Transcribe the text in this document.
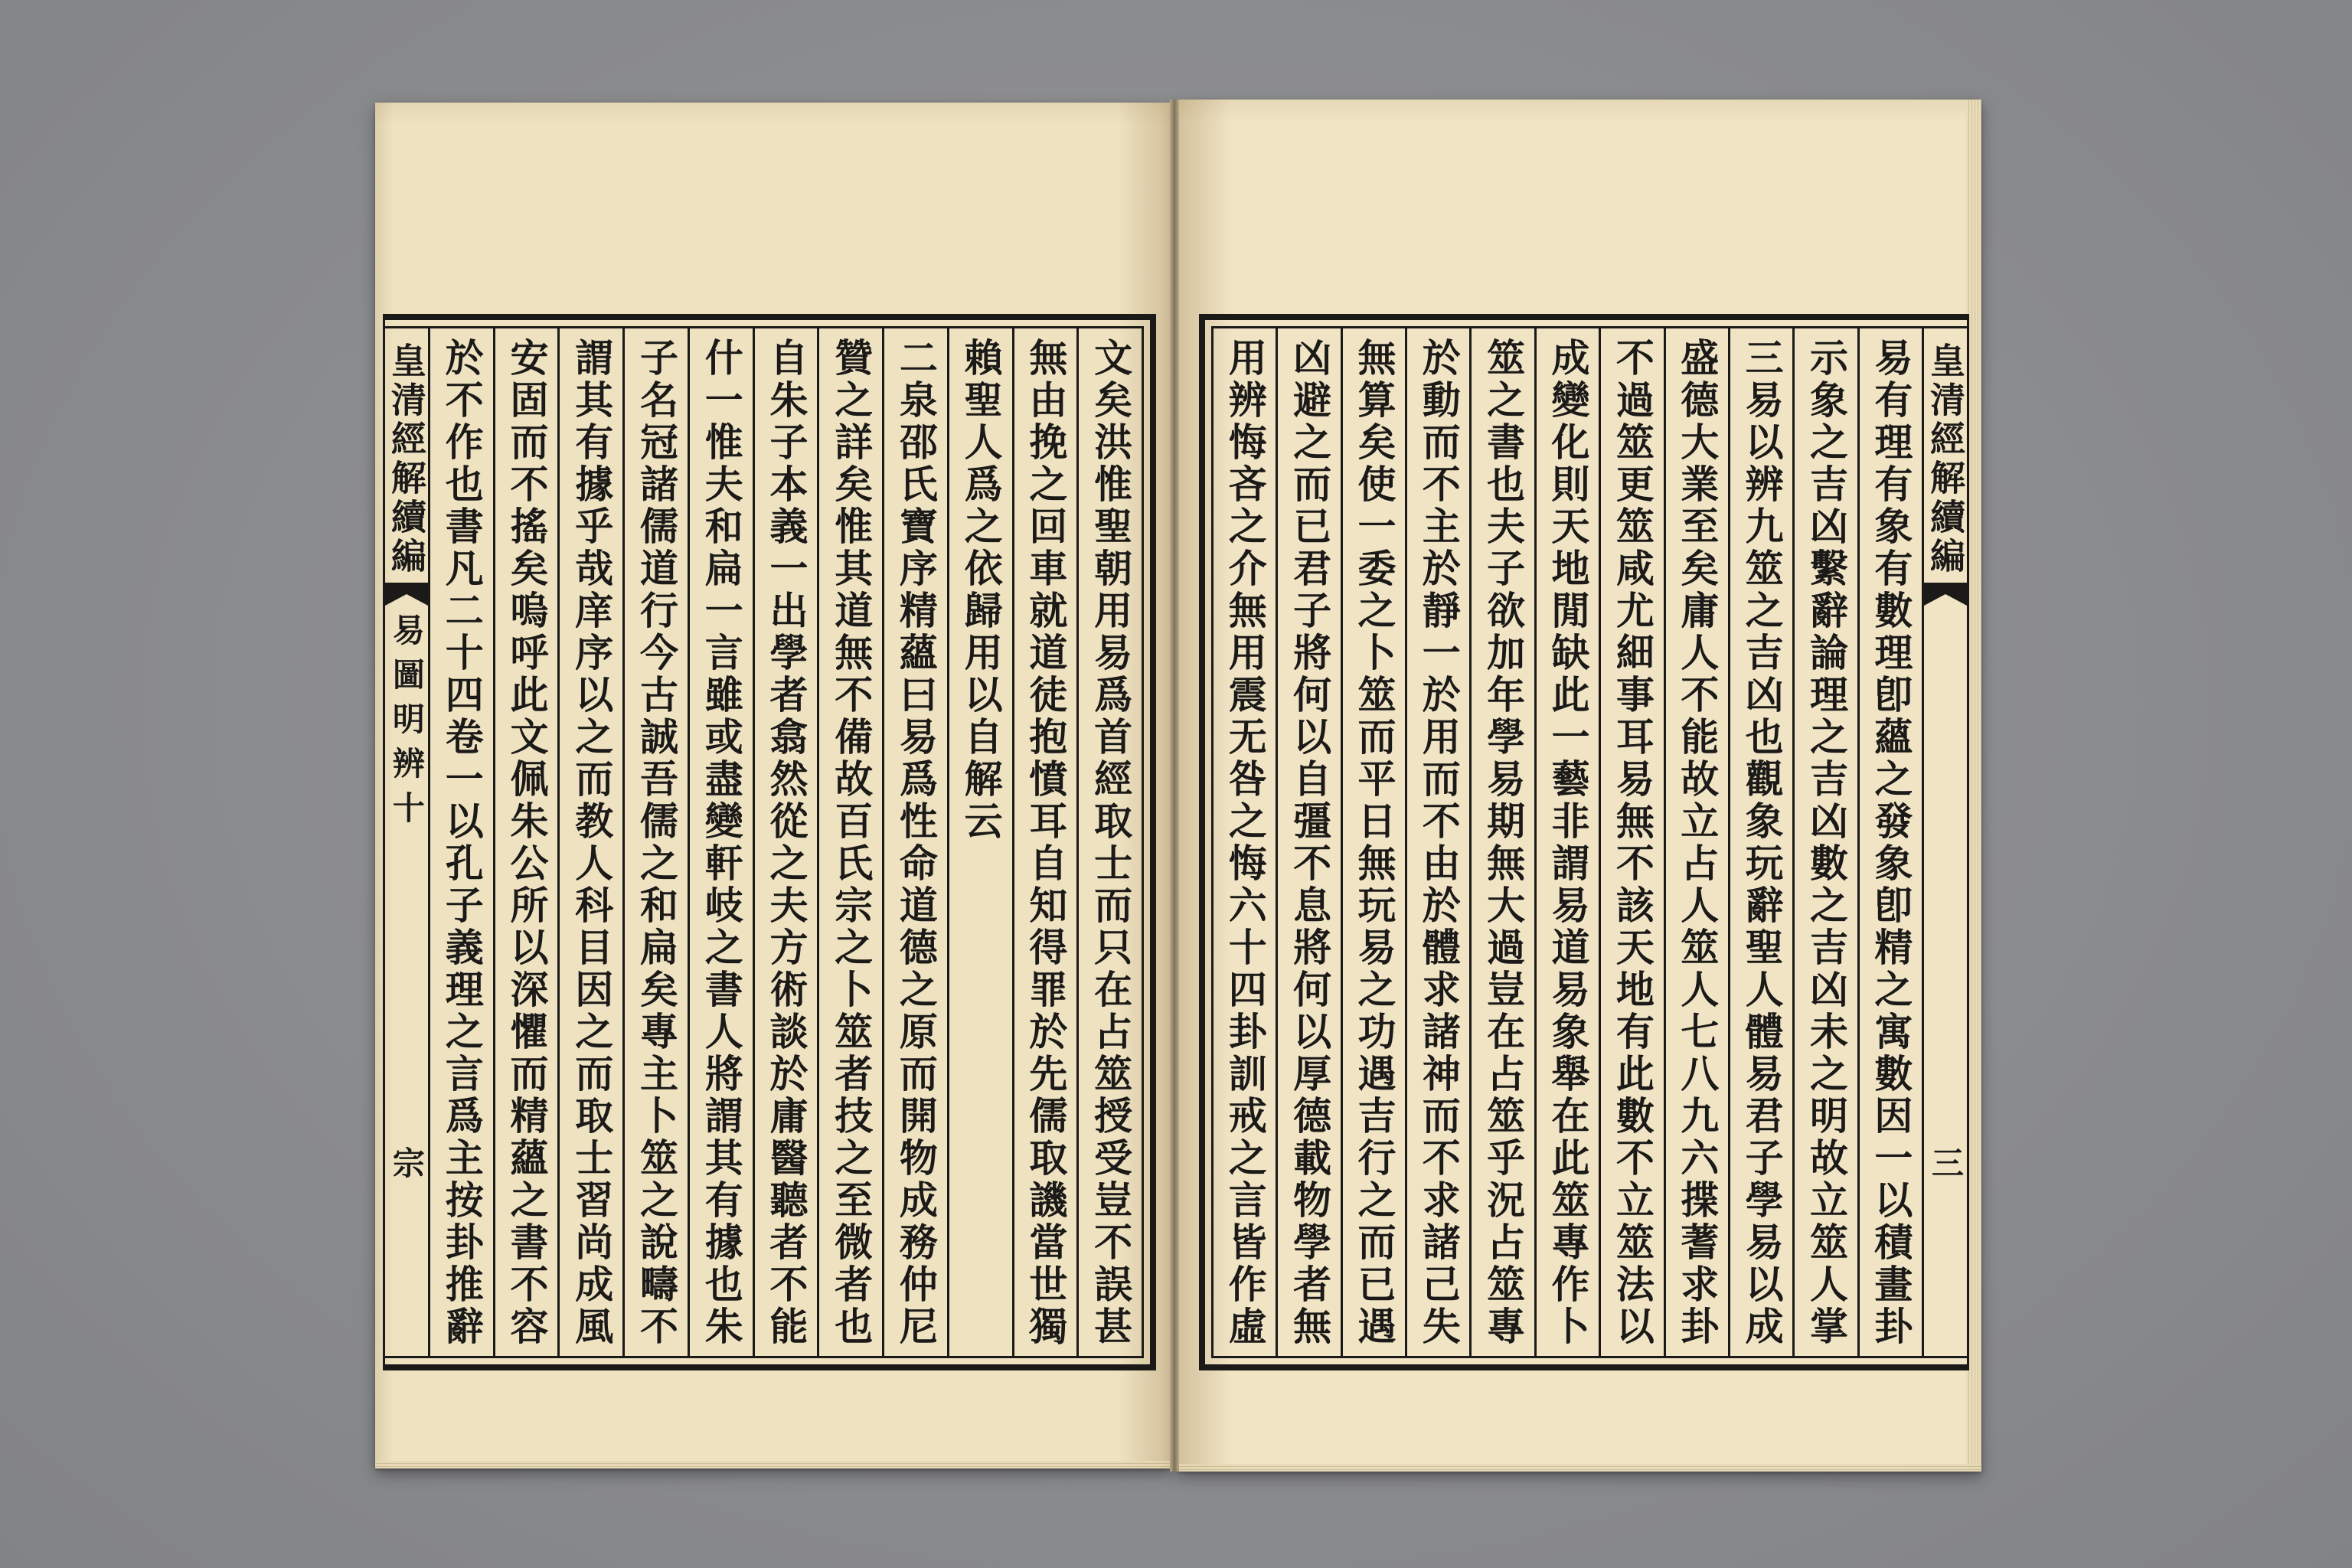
文矣洪惟聖朝用易爲首經取士而只在占筮授受豈不誤甚
無由挽之回車就道徒抱憤耳自知得罪於先儒取譏當世獨
賴聖人爲之依歸用以自解云
二泉邵氏寶序精蘊曰易爲性命道德之原而開物成務仲尼
贊之詳矣惟其道無不備故百氏宗之卜筮者技之至微者也
自朱子本義一出學者翕然從之夫方術談於庸醫聽者不能
什一惟夫和扁一言雖或盡變軒岐之書人將謂其有據也朱
子名冠諸儒道行今古誠吾儒之和扁矣專主卜筮之說疇不
謂其有據乎哉庠序以之而教人科目因之而取士習尚成風
安固而不搖矣嗚呼此文佩朱公所以深懼而精蘊之書不容
於不作也書凡二十四卷一以孔子義理之言爲主按卦推辭
皇清經解續編
易圖明辨十
宗
皇清經解續編
三
易有理有象有數理卽蘊之發象卽精之寓數因一以積畫卦
示象之吉凶繫辭論理之吉凶數之吉凶未之明故立筮人掌
三易以辨九筮之吉凶也觀象玩辭聖人體易君子學易以成
盛德大業至矣庸人不能故立占人筮人七八九六揲蓍求卦
不過筮更筮咸尤細事耳易無不該天地有此數不立筮法以
成變化則天地閒缺此一藝非謂易道易象舉在此筮專作卜
筮之書也夫子欲加年學易期無大過豈在占筮乎況占筮專
於動而不主於靜一於用而不由於體求諸神而不求諸己失
無算矣使一委之卜筮而平日無玩易之功遇吉行之而已遇
凶避之而已君子將何以自彊不息將何以厚德載物學者無
用辨悔吝之介無用震无咎之悔六十四卦訓戒之言皆作虛
